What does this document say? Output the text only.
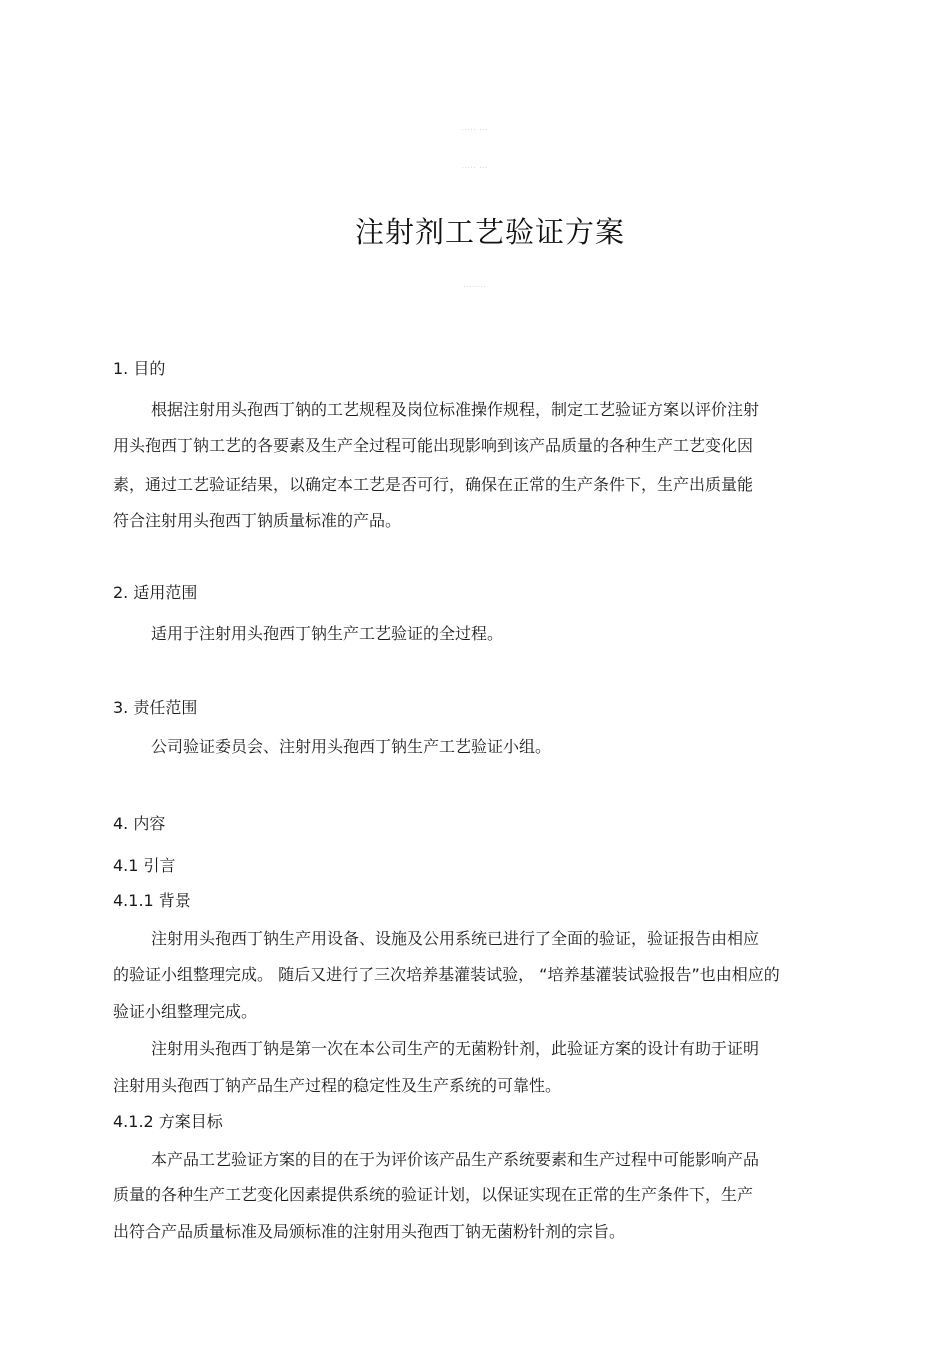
..... ...
..... ...
注射剂工艺验证方案
........
1. 目的
根据注射用头孢西丁钠的工艺规程及岗位标准操作规程，制定工艺验证方案以评价注射
用头孢西丁钠工艺的各要素及生产全过程可能出现影响到该产品质量的各种生产工艺变化因
素，通过工艺验证结果，以确定本工艺是否可行，确保在正常的生产条件下，生产出质量能
符合注射用头孢西丁钠质量标准的产品。
2. 适用范围
适用于注射用头孢西丁钠生产工艺验证的全过程。
3. 责任范围
公司验证委员会、注射用头孢西丁钠生产工艺验证小组。
4. 内容
4.1 引言
4.1.1 背景
注射用头孢西丁钠生产用设备、设施及公用系统已进行了全面的验证，验证报告由相应
的验证小组整理完成。 随后又进行了三次培养基灌装试验， “培养基灌装试验报告”也由相应的
验证小组整理完成。
注射用头孢西丁钠是第一次在本公司生产的无菌粉针剂，此验证方案的设计有助于证明
注射用头孢西丁钠产品生产过程的稳定性及生产系统的可靠性。
4.1.2 方案目标
本产品工艺验证方案的目的在于为评价该产品生产系统要素和生产过程中可能影响产品
质量的各种生产工艺变化因素提供系统的验证计划，以保证实现在正常的生产条件下，生产
出符合产品质量标准及局颁标准的注射用头孢西丁钠无菌粉针剂的宗旨。
